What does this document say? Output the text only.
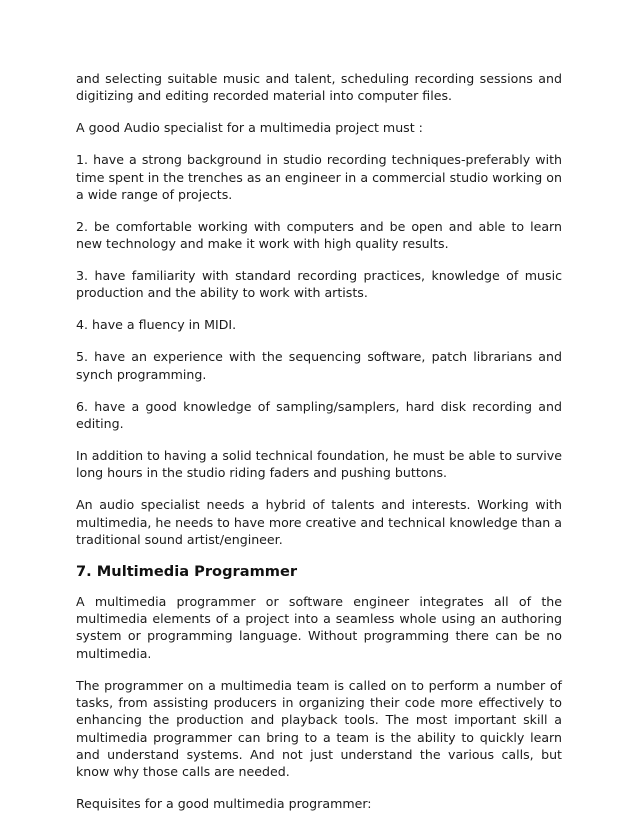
and selecting suitable music and talent, scheduling recording sessions and digitizing and editing recorded material into computer files.

A good Audio specialist for a multimedia project must :

1. have a strong background in studio recording techniques-preferably with time spent in the trenches as an engineer in a commercial studio working on a wide range of projects.

2. be comfortable working with computers and be open and able to learn new technology and make it work with high quality results.

3. have familiarity with standard recording practices, knowledge of music production and the ability to work with artists.

4. have a fluency in MIDI.

5. have an experience with the sequencing software, patch librarians and synch programming.

6. have a good knowledge of sampling/samplers, hard disk recording and editing.

In addition to having a solid technical foundation, he must be able to survive long hours in the studio riding faders and pushing buttons.

An audio specialist needs a hybrid of talents and interests. Working with multimedia, he needs to have more creative and technical knowledge than a traditional sound artist/engineer.

7. Multimedia Programmer

A multimedia programmer or software engineer integrates all of the multimedia elements of a project into a seamless whole using an authoring system or programming language. Without programming there can be no multimedia.

The programmer on a multimedia team is called on to perform a number of tasks, from assisting producers in organizing their code more effectively to enhancing the production and playback tools. The most important skill a multimedia programmer can bring to a team is the ability to quickly learn and understand systems. And not just understand the various calls, but know why those calls are needed.

Requisites for a good multimedia programmer:
